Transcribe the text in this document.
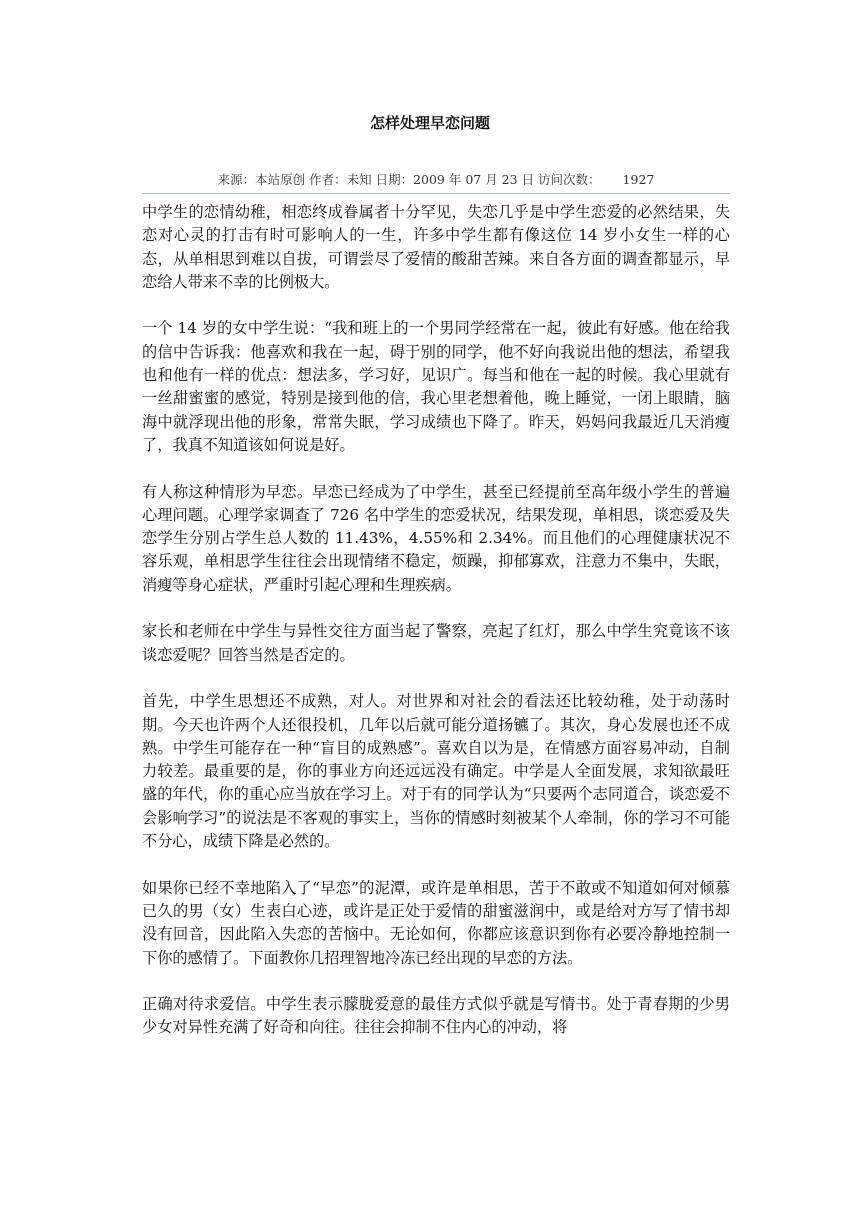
怎样处理早恋问题
来源：本站原创 作者：未知 日期：2009 年 07 月 23 日 访问次数： 1927

中学生的恋情幼稚，相恋终成眷属者十分罕见，失恋几乎是中学生恋爱的必然结果，失恋对心灵的打击有时可影响人的一生，许多中学生都有像这位 14 岁小女生一样的心态，从单相思到难以自拔，可谓尝尽了爱情的酸甜苦辣。来自各方面的调查都显示，早恋给人带来不幸的比例极大。

一个 14 岁的女中学生说：“我和班上的一个男同学经常在一起，彼此有好感。他在给我的信中告诉我：他喜欢和我在一起，碍于别的同学，他不好向我说出他的想法，希望我也和他有一样的优点：想法多，学习好，见识广。每当和他在一起的时候。我心里就有一丝甜蜜蜜的感觉，特别是接到他的信，我心里老想着他，晚上睡觉，一闭上眼睛，脑海中就浮现出他的形象，常常失眠，学习成绩也下降了。昨天，妈妈问我最近几天消瘦了，我真不知道该如何说是好。

有人称这种情形为早恋。早恋已经成为了中学生，甚至已经提前至高年级小学生的普遍心理问题。心理学家调查了 726 名中学生的恋爱状况，结果发现，单相思，谈恋爱及失恋学生分别占学生总人数的 11.43%，4.55%和 2.34%。而且他们的心理健康状况不容乐观，单相思学生往往会出现情绪不稳定，烦躁，抑郁寡欢，注意力不集中，失眠，消瘦等身心症状，严重时引起心理和生理疾病。

家长和老师在中学生与异性交往方面当起了警察，亮起了红灯，那么中学生究竟该不该谈恋爱呢？回答当然是否定的。

首先，中学生思想还不成熟，对人。对世界和对社会的看法还比较幼稚，处于动荡时期。今天也许两个人还很投机，几年以后就可能分道扬镳了。其次，身心发展也还不成熟。中学生可能存在一种“盲目的成熟感”。喜欢自以为是，在情感方面容易冲动，自制力较差。最重要的是，你的事业方向还远远没有确定。中学是人全面发展，求知欲最旺盛的年代，你的重心应当放在学习上。对于有的同学认为“只要两个志同道合，谈恋爱不会影响学习”的说法是不客观的事实上，当你的情感时刻被某个人牵制，你的学习不可能不分心，成绩下降是必然的。

如果你已经不幸地陷入了“早恋”的泥潭，或许是单相思，苦于不敢或不知道如何对倾慕已久的男（女）生表白心迹，或许是正处于爱情的甜蜜滋润中，或是给对方写了情书却没有回音，因此陷入失恋的苦恼中。无论如何，你都应该意识到你有必要冷静地控制一下你的感情了。下面教你几招理智地冷冻已经出现的早恋的方法。

正确对待求爱信。中学生表示朦胧爱意的最佳方式似乎就是写情书。处于青春期的少男少女对异性充满了好奇和向往。往往会抑制不住内心的冲动，将
